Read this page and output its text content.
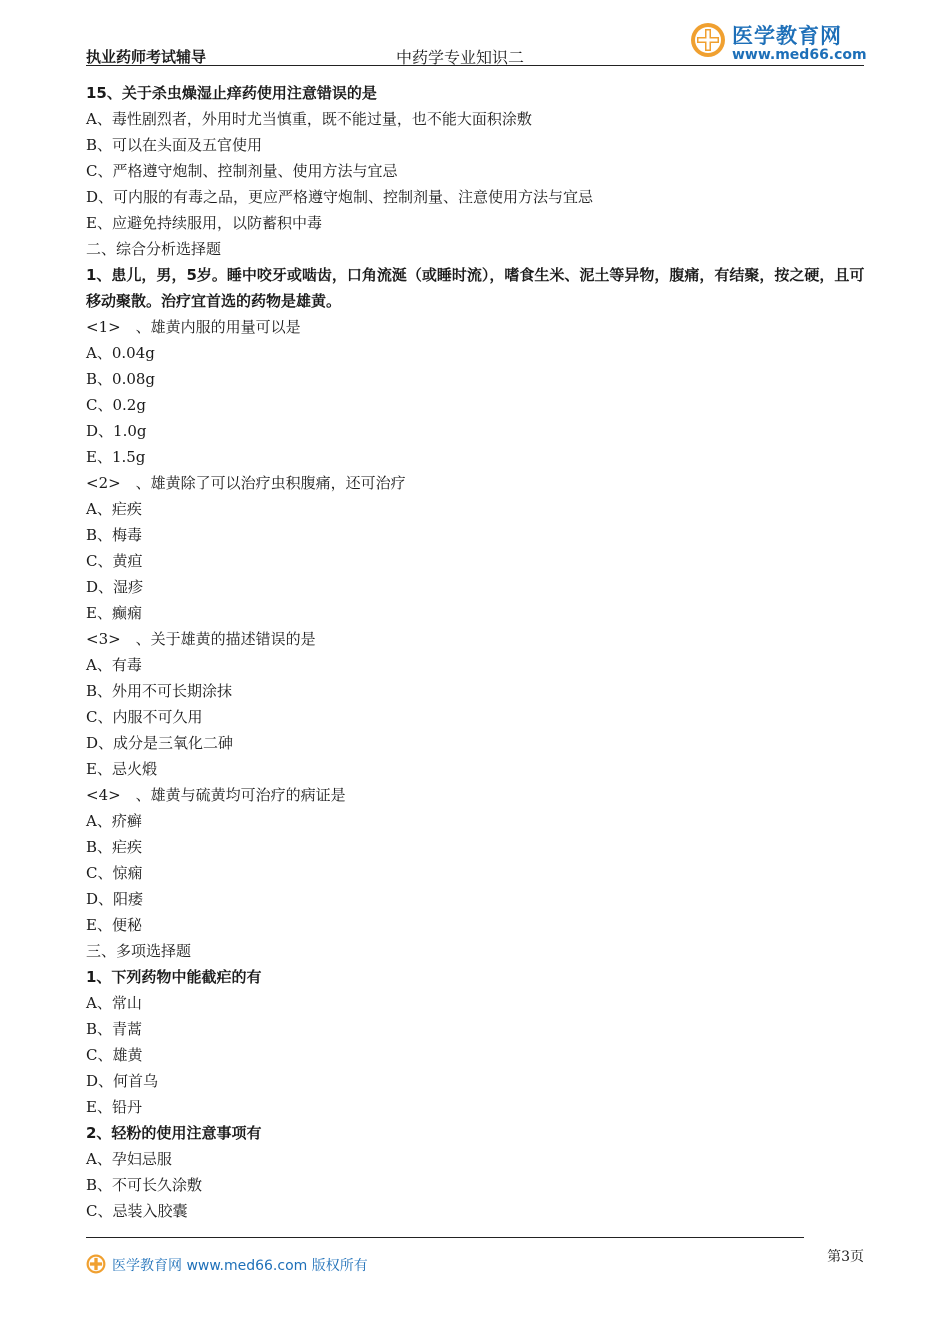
执业药师考试辅导	中药学专业知识二
医学教育网
www.med66.com
15、关于杀虫燥湿止痒药使用注意错误的是
A、毒性剧烈者，外用时尤当慎重，既不能过量，也不能大面积涂敷
B、可以在头面及五官使用
C、严格遵守炮制、控制剂量、使用方法与宜忌
D、可内服的有毒之品，更应严格遵守炮制、控制剂量、注意使用方法与宜忌
E、应避免持续服用，以防蓄积中毒
二、综合分析选择题
1、患儿，男，5岁。睡中咬牙或啮齿，口角流涎（或睡时流），嗜食生米、泥土等异物，腹痛，有结聚，按之硬，且可移动聚散。治疗宜首选的药物是雄黄。
<1>　、雄黄内服的用量可以是
A、0.04g
B、0.08g
C、0.2g
D、1.0g
E、1.5g
<2>　、雄黄除了可以治疗虫积腹痛，还可治疗
A、疟疾
B、梅毒
C、黄疸
D、湿疹
E、癫痫
<3>　、关于雄黄的描述错误的是
A、有毒
B、外用不可长期涂抹
C、内服不可久用
D、成分是三氧化二砷
E、忌火煅
<4>　、雄黄与硫黄均可治疗的病证是
A、疥癣
B、疟疾
C、惊痫
D、阳痿
E、便秘
三、多项选择题
1、下列药物中能截疟的有
A、常山
B、青蒿
C、雄黄
D、何首乌
E、铅丹
2、轻粉的使用注意事项有
A、孕妇忌服
B、不可长久涂敷
C、忌装入胶囊
医学教育网 www.med66.com 版权所有
第3页
